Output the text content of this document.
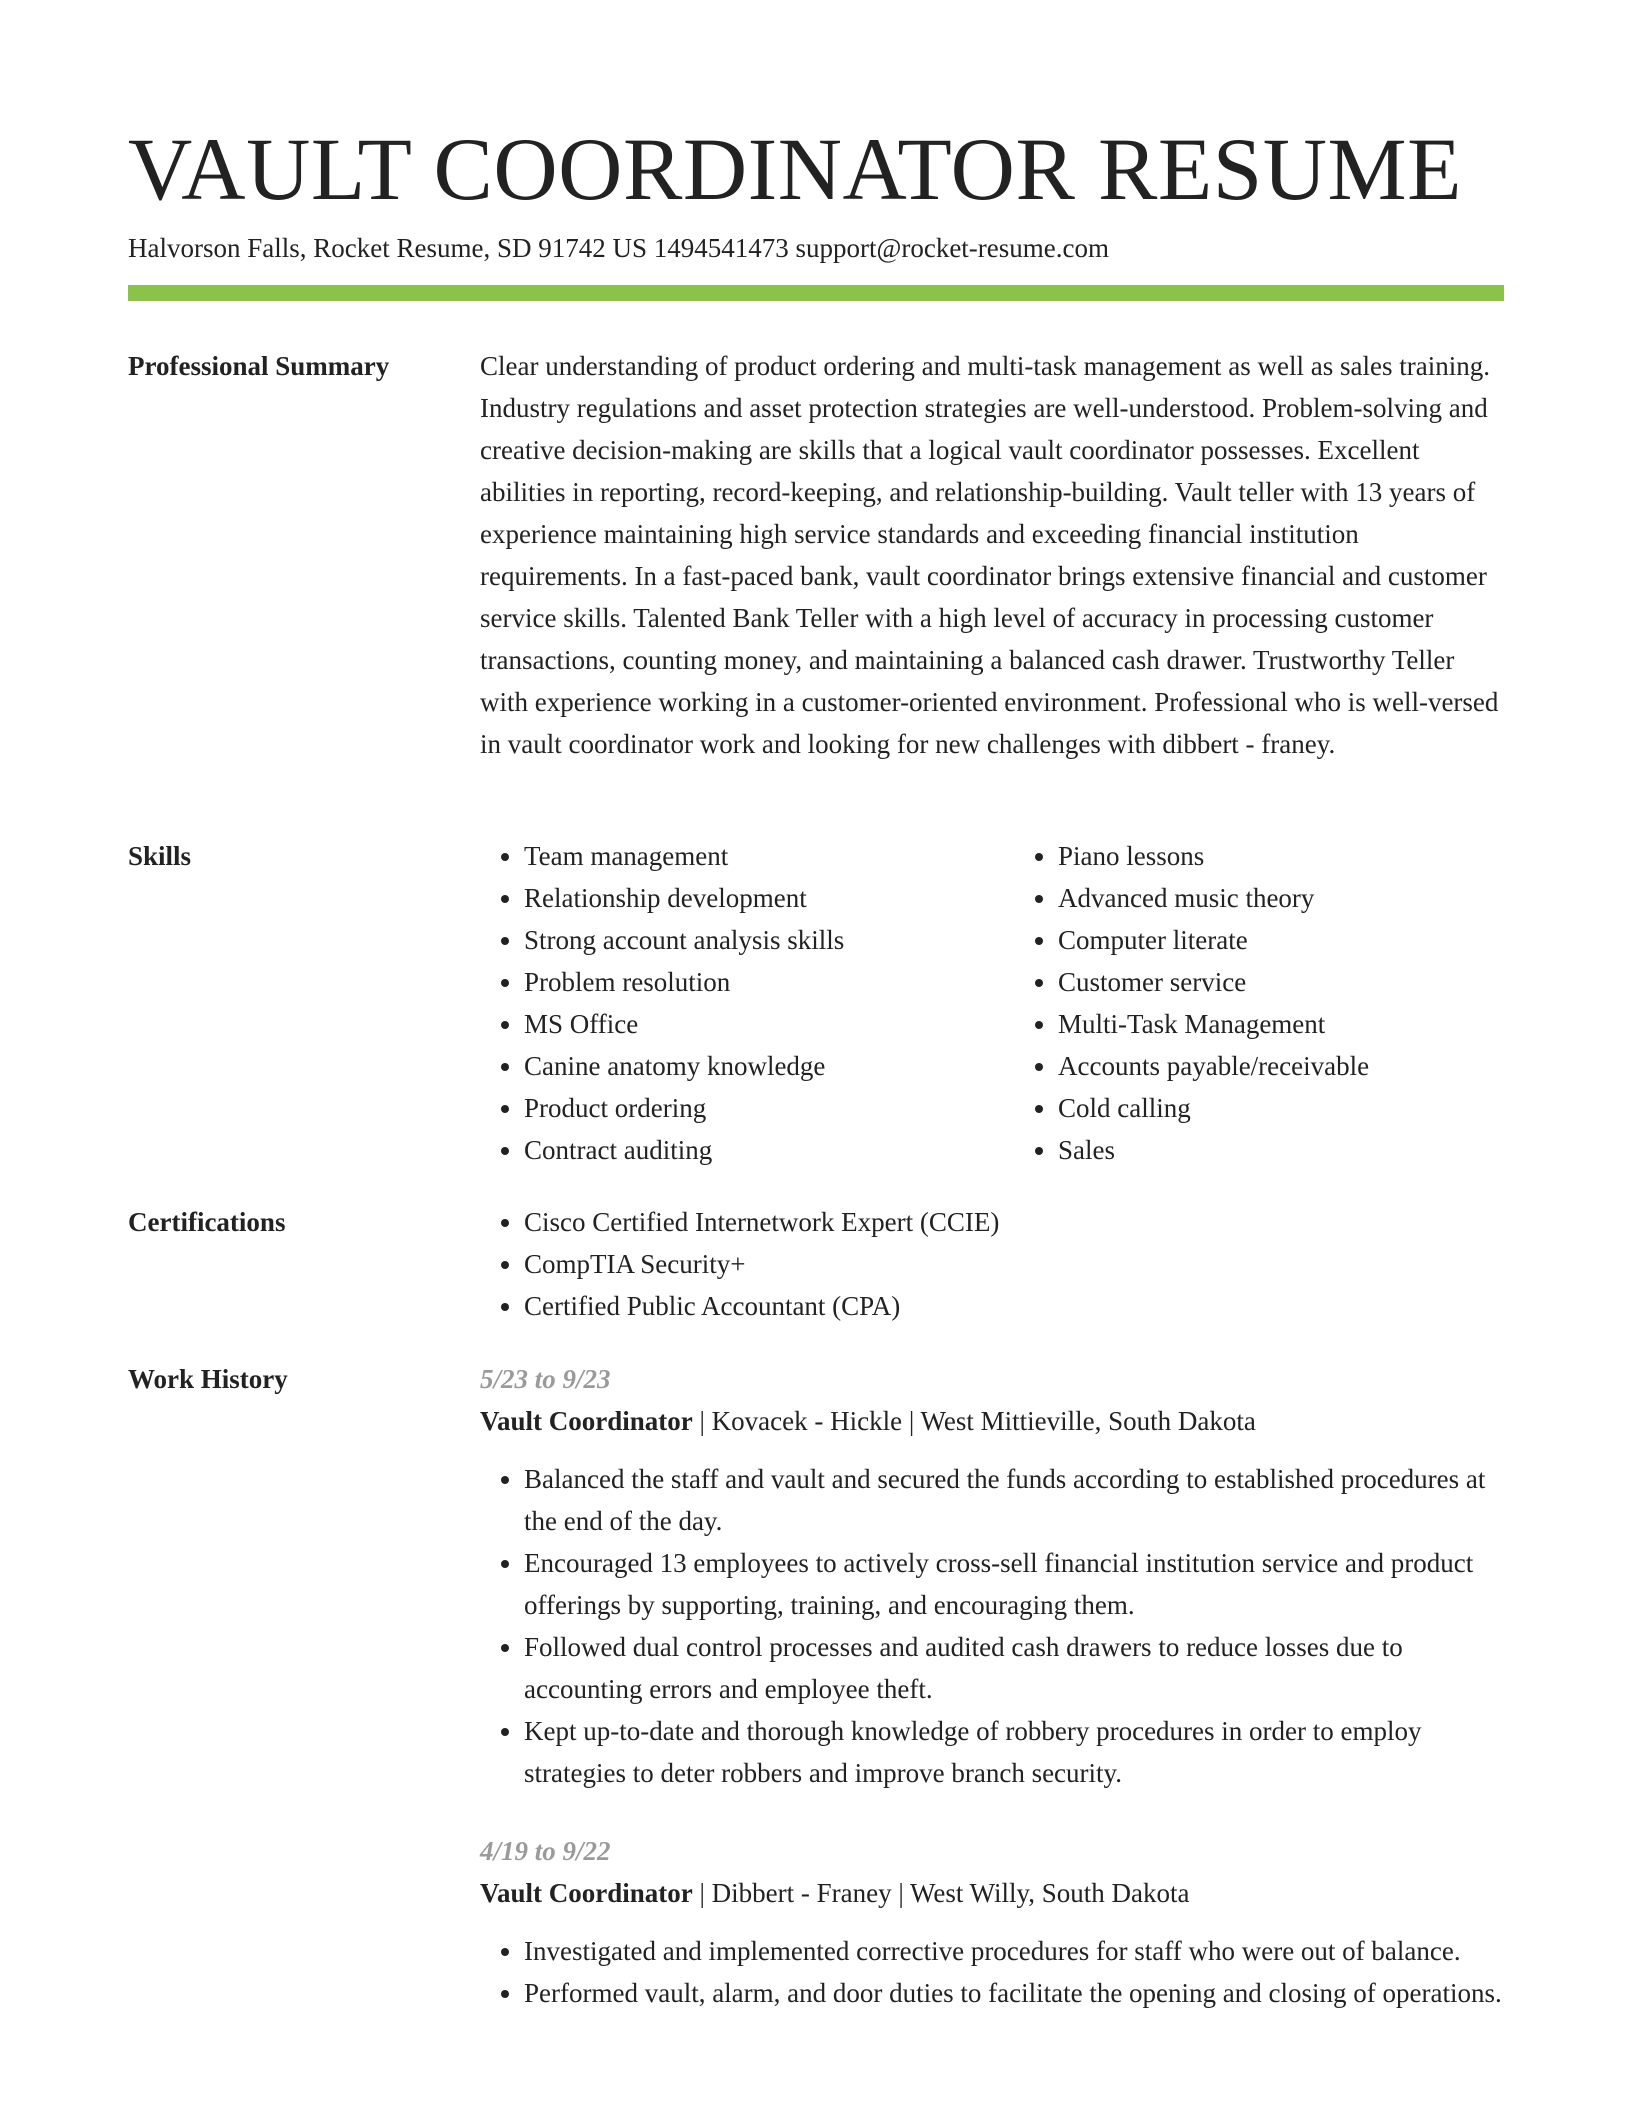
VAULT COORDINATOR RESUME
Halvorson Falls, Rocket Resume, SD 91742 US 1494541473 support@rocket-resume.com
Professional Summary	Clear understanding of product ordering and multi-task management as well as sales training. Industry regulations and asset protection strategies are well-understood. Problem-solving and creative decision-making are skills that a logical vault coordinator possesses. Excellent abilities in reporting, record-keeping, and relationship-building. Vault teller with 13 years of experience maintaining high service standards and exceeding financial institution requirements. In a fast-paced bank, vault coordinator brings extensive financial and customer service skills. Talented Bank Teller with a high level of accuracy in processing customer transactions, counting money, and maintaining a balanced cash drawer. Trustworthy Teller with experience working in a customer-oriented environment. Professional who is well-versed in vault coordinator work and looking for new challenges with dibbert - franey.

Skills	• Team management
• Relationship development
• Strong account analysis skills
• Problem resolution
• MS Office
• Canine anatomy knowledge
• Product ordering
• Contract auditing
• Piano lessons
• Advanced music theory
• Computer literate
• Customer service
• Multi-Task Management
• Accounts payable/receivable
• Cold calling
• Sales
Certifications	• Cisco Certified Internetwork Expert (CCIE)
• CompTIA Security+
• Certified Public Accountant (CPA)
Work History	5/23 to 9/23
Vault Coordinator | Kovacek - Hickle | West Mittieville, South Dakota
• Balanced the staff and vault and secured the funds according to established procedures at the end of the day.
• Encouraged 13 employees to actively cross-sell financial institution service and product offerings by supporting, training, and encouraging them.
• Followed dual control processes and audited cash drawers to reduce losses due to accounting errors and employee theft.
• Kept up-to-date and thorough knowledge of robbery procedures in order to employ strategies to deter robbers and improve branch security.
4/19 to 9/22
Vault Coordinator | Dibbert - Franey | West Willy, South Dakota
• Investigated and implemented corrective procedures for staff who were out of balance.
• Performed vault, alarm, and door duties to facilitate the opening and closing of operations.
